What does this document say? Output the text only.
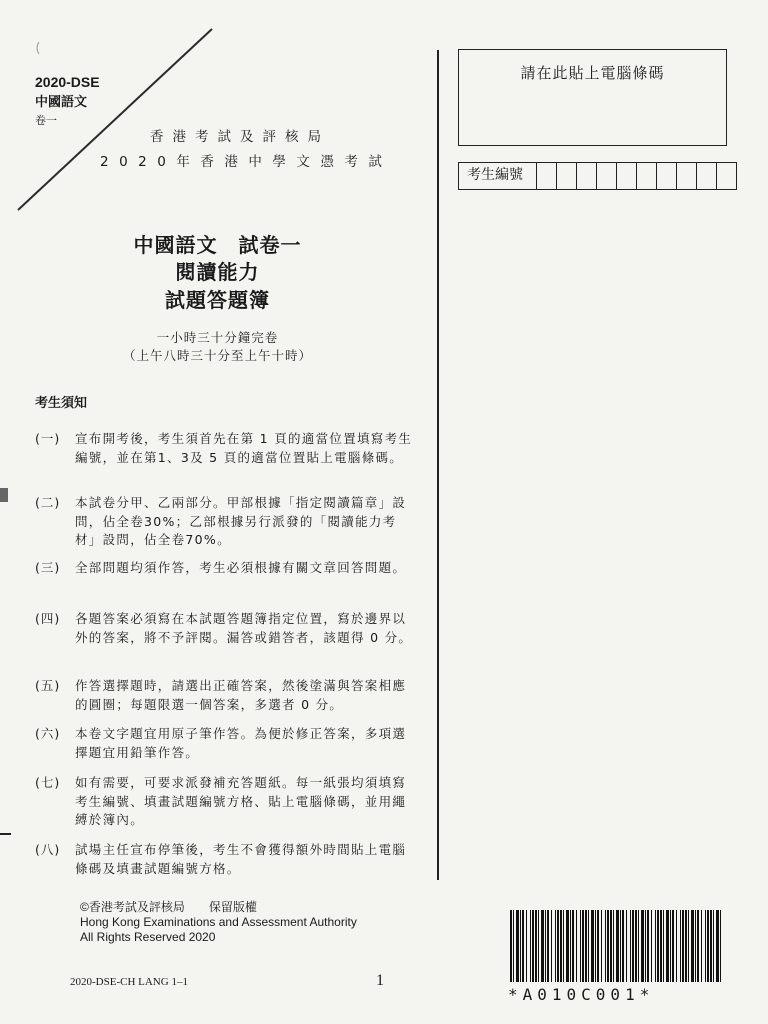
2020-DSE
中國語文
卷一
香港考試及評核局
2020年香港中學文憑考試
中國語文　試卷一
閱讀能力
試題答題簿
一小時三十分鐘完卷
（上午八時三十分至上午十時）
考生須知
(一)	宣布開考後，考生須首先在第 1 頁的適當位置填寫考生編號，並在第1、3及 5 頁的適當位置貼上電腦條碼。
(二)	本試卷分甲、乙兩部分。甲部根據「指定閱讀篇章」設問，佔全卷30%；乙部根據另行派發的「閱讀能力考材」設問，佔全卷70%。
(三)	全部問題均須作答，考生必須根據有關文章回答問題。
(四)	各題答案必須寫在本試題答題簿指定位置，寫於邊界以外的答案，將不予評閱。漏答或錯答者，該題得 0 分。
(五)	作答選擇題時，請選出正確答案，然後塗滿與答案相應的圓圈；每題限選一個答案，多選者 0 分。
(六)	本卷文字題宜用原子筆作答。為便於修正答案，多項選擇題宜用鉛筆作答。
(七)	如有需要，可要求派發補充答題紙。每一紙張均須填寫考生編號、填畫試題編號方格、貼上電腦條碼，並用繩縛於簿內。
(八)	試場主任宣布停筆後，考生不會獲得額外時間貼上電腦條碼及填畫試題編號方格。
請在此貼上電腦條碼
考生編號
©香港考試及評核局　　保留版權
Hong Kong Examinations and Assessment Authority
All Rights Reserved 2020
2020-DSE-CH LANG 1–1	1
*A010C001*
